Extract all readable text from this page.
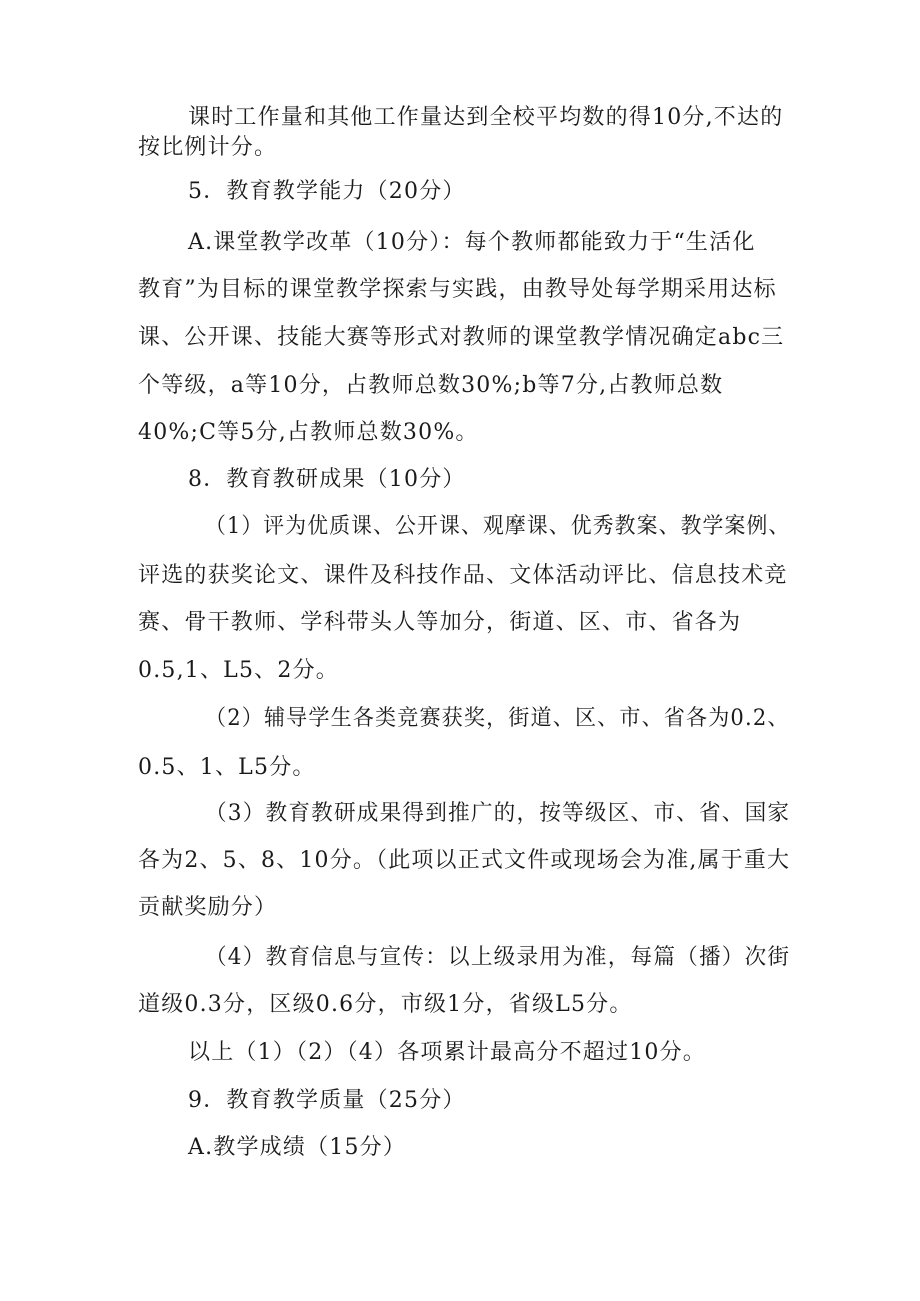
课时工作量和其他工作量达到全校平均数的得10分,不达的
按比例计分。
5．教育教学能力（20分）
A.课堂教学改革（10分）：每个教师都能致力于“生活化
教育”为目标的课堂教学探索与实践，由教导处每学期采用达标
课、公开课、技能大赛等形式对教师的课堂教学情况确定abc三
个等级，a等10分，占教师总数30%;b等7分,占教师总数
40%;C等5分,占教师总数30%。
8．教育教研成果（10分）
（1）评为优质课、公开课、观摩课、优秀教案、教学案例、
评选的获奖论文、课件及科技作品、文体活动评比、信息技术竞
赛、骨干教师、学科带头人等加分，街道、区、市、省各为
0.5,1、L5、2分。
（2）辅导学生各类竞赛获奖，街道、区、市、省各为0.2、
0.5、1、L5分。
（3）教育教研成果得到推广的，按等级区、市、省、国家
各为2、5、8、10分。（此项以正式文件或现场会为准,属于重大
贡献奖励分）
（4）教育信息与宣传：以上级录用为准，每篇（播）次街
道级0.3分，区级0.6分，市级1分，省级L5分。
以上（1）（2）（4）各项累计最高分不超过10分。
9．教育教学质量（25分）
A.教学成绩（15分）
